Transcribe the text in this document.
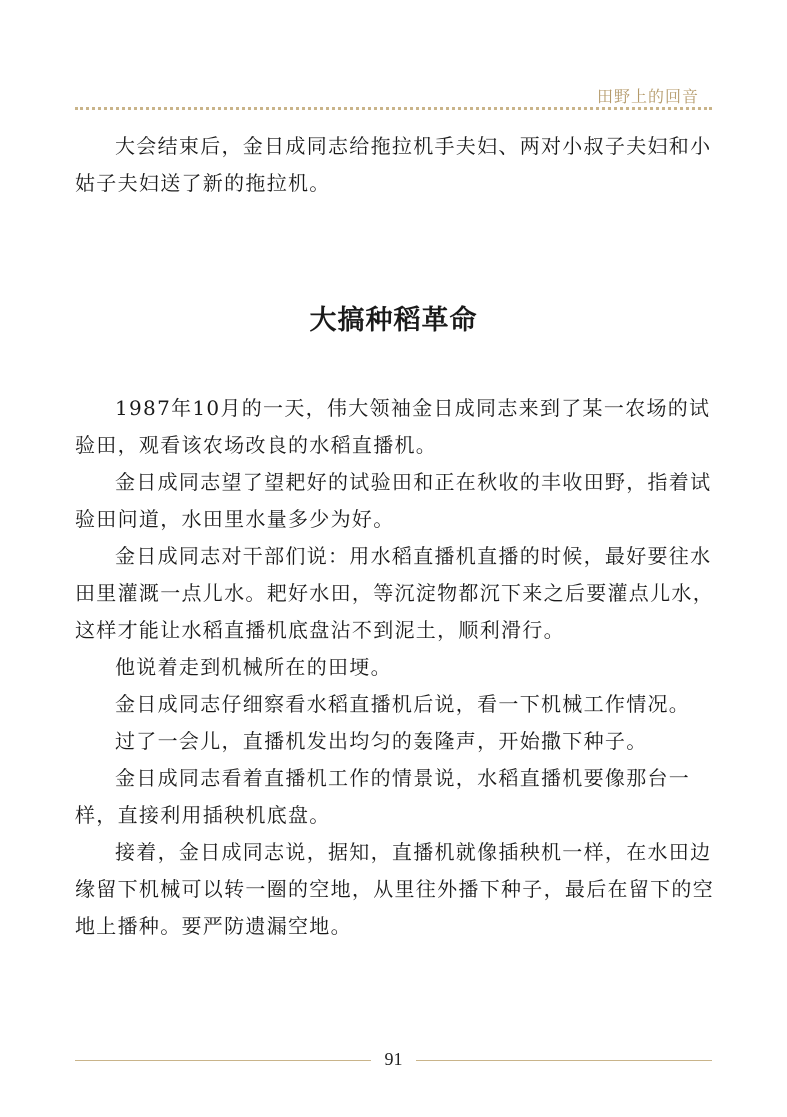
田野上的回音

大会结束后，金日成同志给拖拉机手夫妇、两对小叔子夫妇和小姑子夫妇送了新的拖拉机。

大搞种稻革命

1987年10月的一天，伟大领袖金日成同志来到了某一农场的试验田，观看该农场改良的水稻直播机。

金日成同志望了望耙好的试验田和正在秋收的丰收田野，指着试验田问道，水田里水量多少为好。

金日成同志对干部们说：用水稻直播机直播的时候，最好要往水田里灌溉一点儿水。耙好水田，等沉淀物都沉下来之后要灌点儿水，这样才能让水稻直播机底盘沾不到泥土，顺利滑行。

他说着走到机械所在的田埂。

金日成同志仔细察看水稻直播机后说，看一下机械工作情况。

过了一会儿，直播机发出均匀的轰隆声，开始撒下种子。

金日成同志看着直播机工作的情景说，水稻直播机要像那台一样，直接利用插秧机底盘。

接着，金日成同志说，据知，直播机就像插秧机一样，在水田边缘留下机械可以转一圈的空地，从里往外播下种子，最后在留下的空地上播种。要严防遗漏空地。

91
